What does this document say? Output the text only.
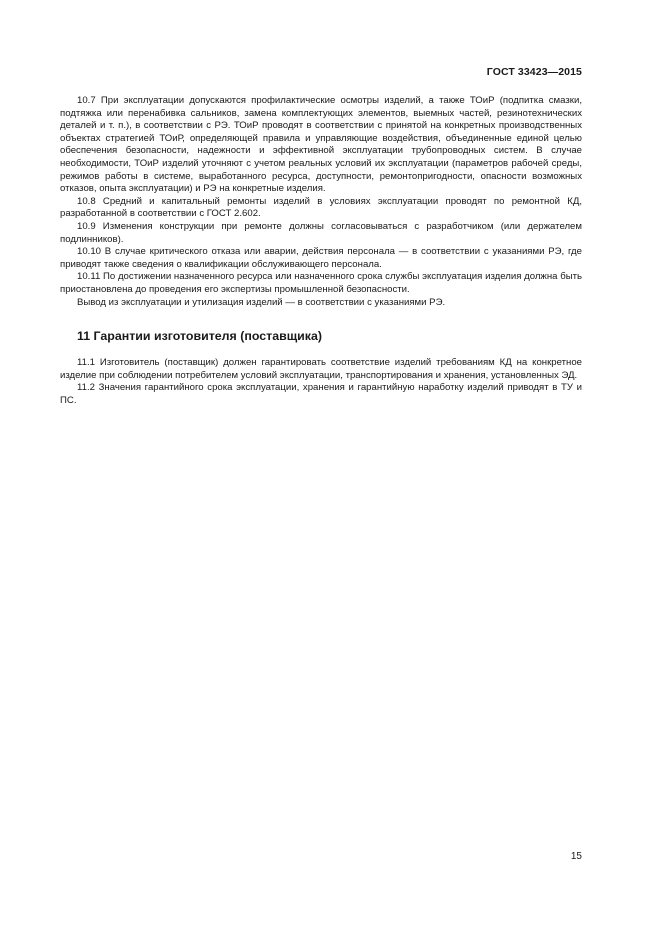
ГОСТ 33423—2015

10.7 При эксплуатации допускаются профилактические осмотры изделий, а также ТОиР (подпитка смазки, подтяжка или перенабивка сальников, замена комплектующих элементов, выемных частей, резинотехнических деталей и т. п.), в соответствии с РЭ. ТОиР проводят в соответствии с принятой на конкретных производственных объектах стратегией ТОиР, определяющей правила и управляющие воздействия, объединенные единой целью обеспечения безопасности, надежности и эффективной эксплуатации трубопроводных систем. В случае необходимости, ТОиР изделий уточняют с учетом реальных условий их эксплуатации (параметров рабочей среды, режимов работы в системе, выработанного ресурса, доступности, ремонтопригодности, опасности возможных отказов, опыта эксплуатации) и РЭ на конкретные изделия.

10.8 Средний и капитальный ремонты изделий в условиях эксплуатации проводят по ремонтной КД, разработанной в соответствии с ГОСТ 2.602.

10.9 Изменения конструкции при ремонте должны согласовываться с разработчиком (или держателем подлинников).

10.10 В случае критического отказа или аварии, действия персонала — в соответствии с указаниями РЭ, где приводят также сведения о квалификации обслуживающего персонала.

10.11 По достижении назначенного ресурса или назначенного срока службы эксплуатация изделия должна быть приостановлена до проведения его экспертизы промышленной безопасности.

Вывод из эксплуатации и утилизация изделий — в соответствии с указаниями РЭ.

11 Гарантии изготовителя (поставщика)

11.1 Изготовитель (поставщик) должен гарантировать соответствие изделий требованиям КД на конкретное изделие при соблюдении потребителем условий эксплуатации, транспортирования и хранения, установленных ЭД.

11.2 Значения гарантийного срока эксплуатации, хранения и гарантийную наработку изделий приводят в ТУ и ПС.

15
